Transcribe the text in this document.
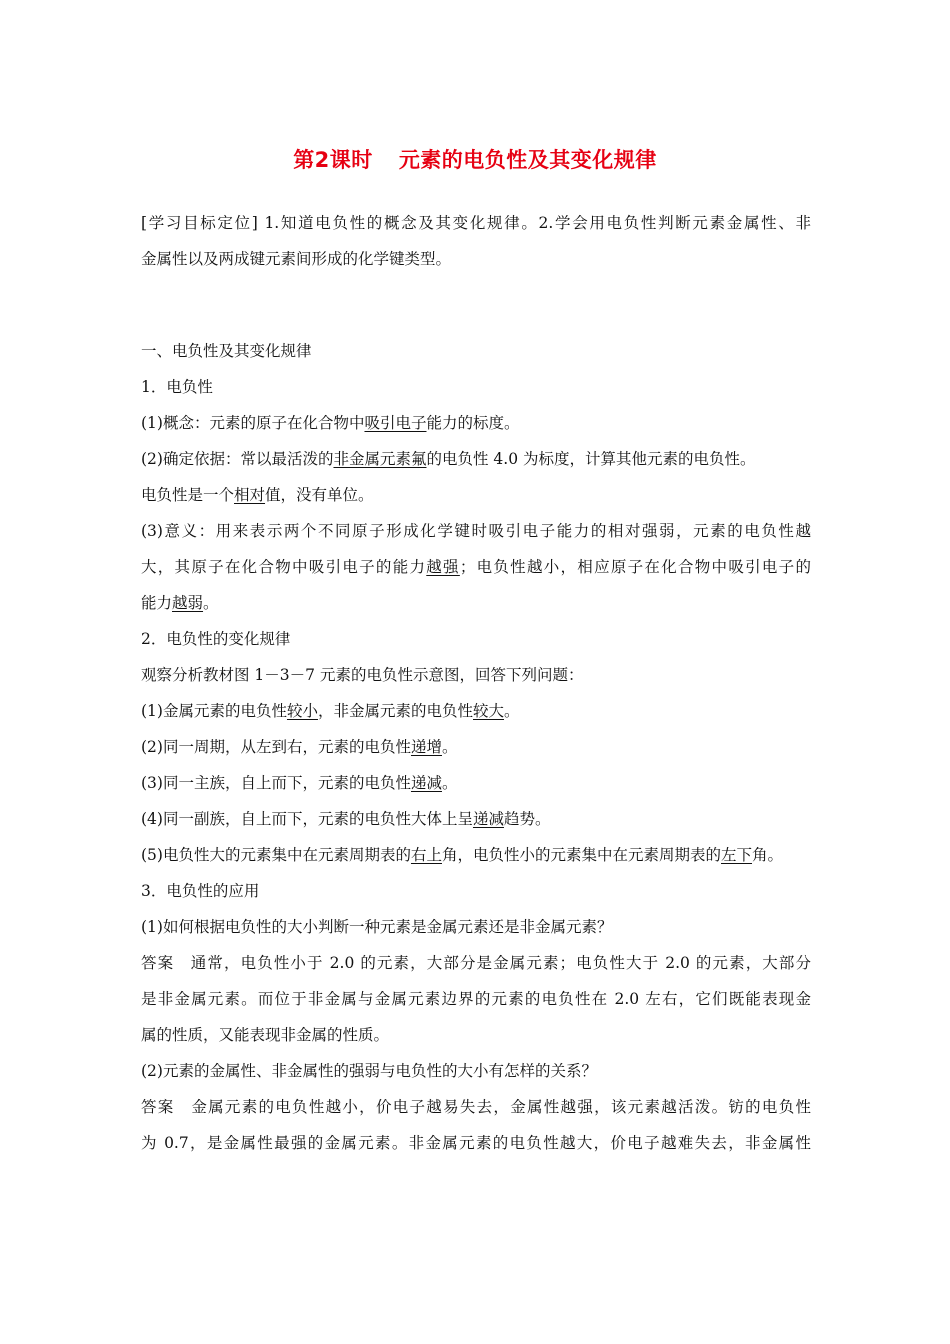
第2课时 元素的电负性及其变化规律

[学习目标定位] 1.知道电负性的概念及其变化规律。2.学会用电负性判断元素金属性、非

金属性以及两成键元素间形成的化学键类型。

一、电负性及其变化规律

1．电负性

(1)概念：元素的原子在化合物中吸引电子能力的标度。

(2)确定依据：常以最活泼的非金属元素氟的电负性 4.0 为标度，计算其他元素的电负性。

电负性是一个相对值，没有单位。

(3)意义：用来表示两个不同原子形成化学键时吸引电子能力的相对强弱，元素的电负性越

大，其原子在化合物中吸引电子的能力越强；电负性越小，相应原子在化合物中吸引电子的

能力越弱。

2．电负性的变化规律

观察分析教材图 1－3－7 元素的电负性示意图，回答下列问题：

(1)金属元素的电负性较小，非金属元素的电负性较大。

(2)同一周期，从左到右，元素的电负性递增。

(3)同一主族，自上而下，元素的电负性递减。

(4)同一副族，自上而下，元素的电负性大体上呈递减趋势。

(5)电负性大的元素集中在元素周期表的右上角，电负性小的元素集中在元素周期表的左下角。

3．电负性的应用

(1)如何根据电负性的大小判断一种元素是金属元素还是非金属元素？

答案　通常，电负性小于 2.0 的元素，大部分是金属元素；电负性大于 2.0 的元素，大部分

是非金属元素。而位于非金属与金属元素边界的元素的电负性在 2.0 左右，它们既能表现金

属的性质，又能表现非金属的性质。

(2)元素的金属性、非金属性的强弱与电负性的大小有怎样的关系？

答案　金属元素的电负性越小，价电子越易失去，金属性越强，该元素越活泼。钫的电负性

为 0.7，是金属性最强的金属元素。非金属元素的电负性越大，价电子越难失去，非金属性
